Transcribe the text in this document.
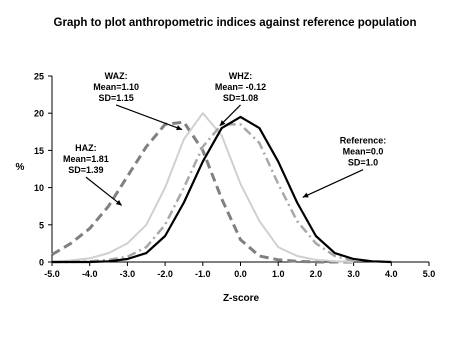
Graph to plot anthropometric indices against reference population
%
Z-score
0
5
10
15
20
25
-5.0 -4.0 -3.0 -2.0 -1.0	0.0	1.0	2.0	3.0	4.0	5.0
HAZ:
Mean=1.81
SD=1.39
WAZ:
Mean=1.10
SD=1.15
WHZ:
Mean= -0.12
SD=1.08
Reference:
Mean=0.0
SD=1.0
